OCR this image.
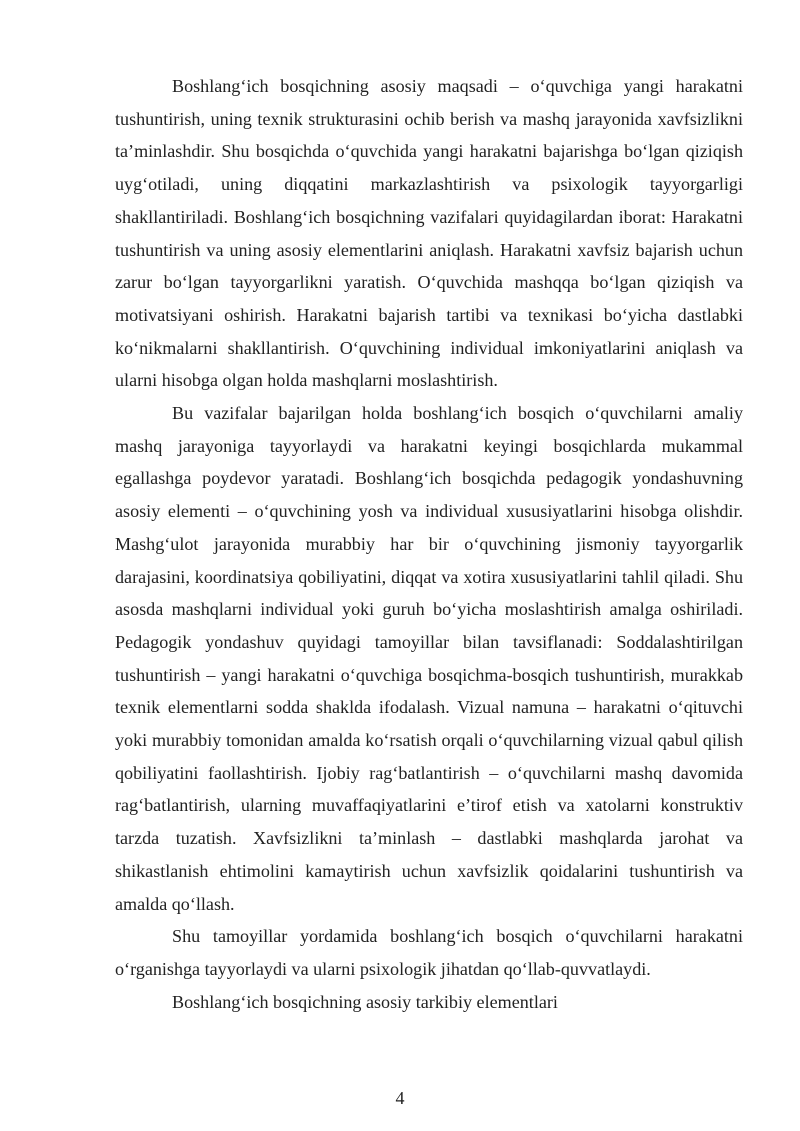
Boshlang‘ich bosqichning asosiy maqsadi – o‘quvchiga yangi harakatni tushuntirish, uning texnik strukturasini ochib berish va mashq jarayonida xavfsizlikni ta’minlashdir. Shu bosqichda o‘quvchida yangi harakatni bajarishga bo‘lgan qiziqish uyg‘otiladi, uning diqqatini markazlashtirish va psixologik tayyorgarligi shakllantiriladi. Boshlang‘ich bosqichning vazifalari quyidagilardan iborat: Harakatni tushuntirish va uning asosiy elementlarini aniqlash. Harakatni xavfsiz bajarish uchun zarur bo‘lgan tayyorgarlikni yaratish. O‘quvchida mashqqa bo‘lgan qiziqish va motivatsiyani oshirish. Harakatni bajarish tartibi va texnikasi bo‘yicha dastlabki ko‘nikmalarni shakllantirish. O‘quvchining individual imkoniyatlarini aniqlash va ularni hisobga olgan holda mashqlarni moslashtirish.

Bu vazifalar bajarilgan holda boshlang‘ich bosqich o‘quvchilarni amaliy mashq jarayoniga tayyorlaydi va harakatni keyingi bosqichlarda mukammal egallashga poydevor yaratadi. Boshlang‘ich bosqichda pedagogik yondashuvning asosiy elementi – o‘quvchining yosh va individual xususiyatlarini hisobga olishdir. Mashg‘ulot jarayonida murabbiy har bir o‘quvchining jismoniy tayyorgarlik darajasini, koordinatsiya qobiliyatini, diqqat va xotira xususiyatlarini tahlil qiladi. Shu asosda mashqlarni individual yoki guruh bo‘yicha moslashtirish amalga oshiriladi. Pedagogik yondashuv quyidagi tamoyillar bilan tavsiflanadi: Soddalashtirilgan tushuntirish – yangi harakatni o‘quvchiga bosqichma-bosqich tushuntirish, murakkab texnik elementlarni sodda shaklda ifodalash. Vizual namuna – harakatni o‘qituvchi yoki murabbiy tomonidan amalda ko‘rsatish orqali o‘quvchilarning vizual qabul qilish qobiliyatini faollashtirish. Ijobiy rag‘batlantirish – o‘quvchilarni mashq davomida rag‘batlantirish, ularning muvaffaqiyatlarini e’tirof etish va xatolarni konstruktiv tarzda tuzatish. Xavfsizlikni ta’minlash – dastlabki mashqlarda jarohat va shikastlanish ehtimolini kamaytirish uchun xavfsizlik qoidalarini tushuntirish va amalda qo‘llash.

Shu tamoyillar yordamida boshlang‘ich bosqich o‘quvchilarni harakatni o‘rganishga tayyorlaydi va ularni psixologik jihatdan qo‘llab-quvvatlaydi.

Boshlang‘ich bosqichning asosiy tarkibiy elementlari

4
